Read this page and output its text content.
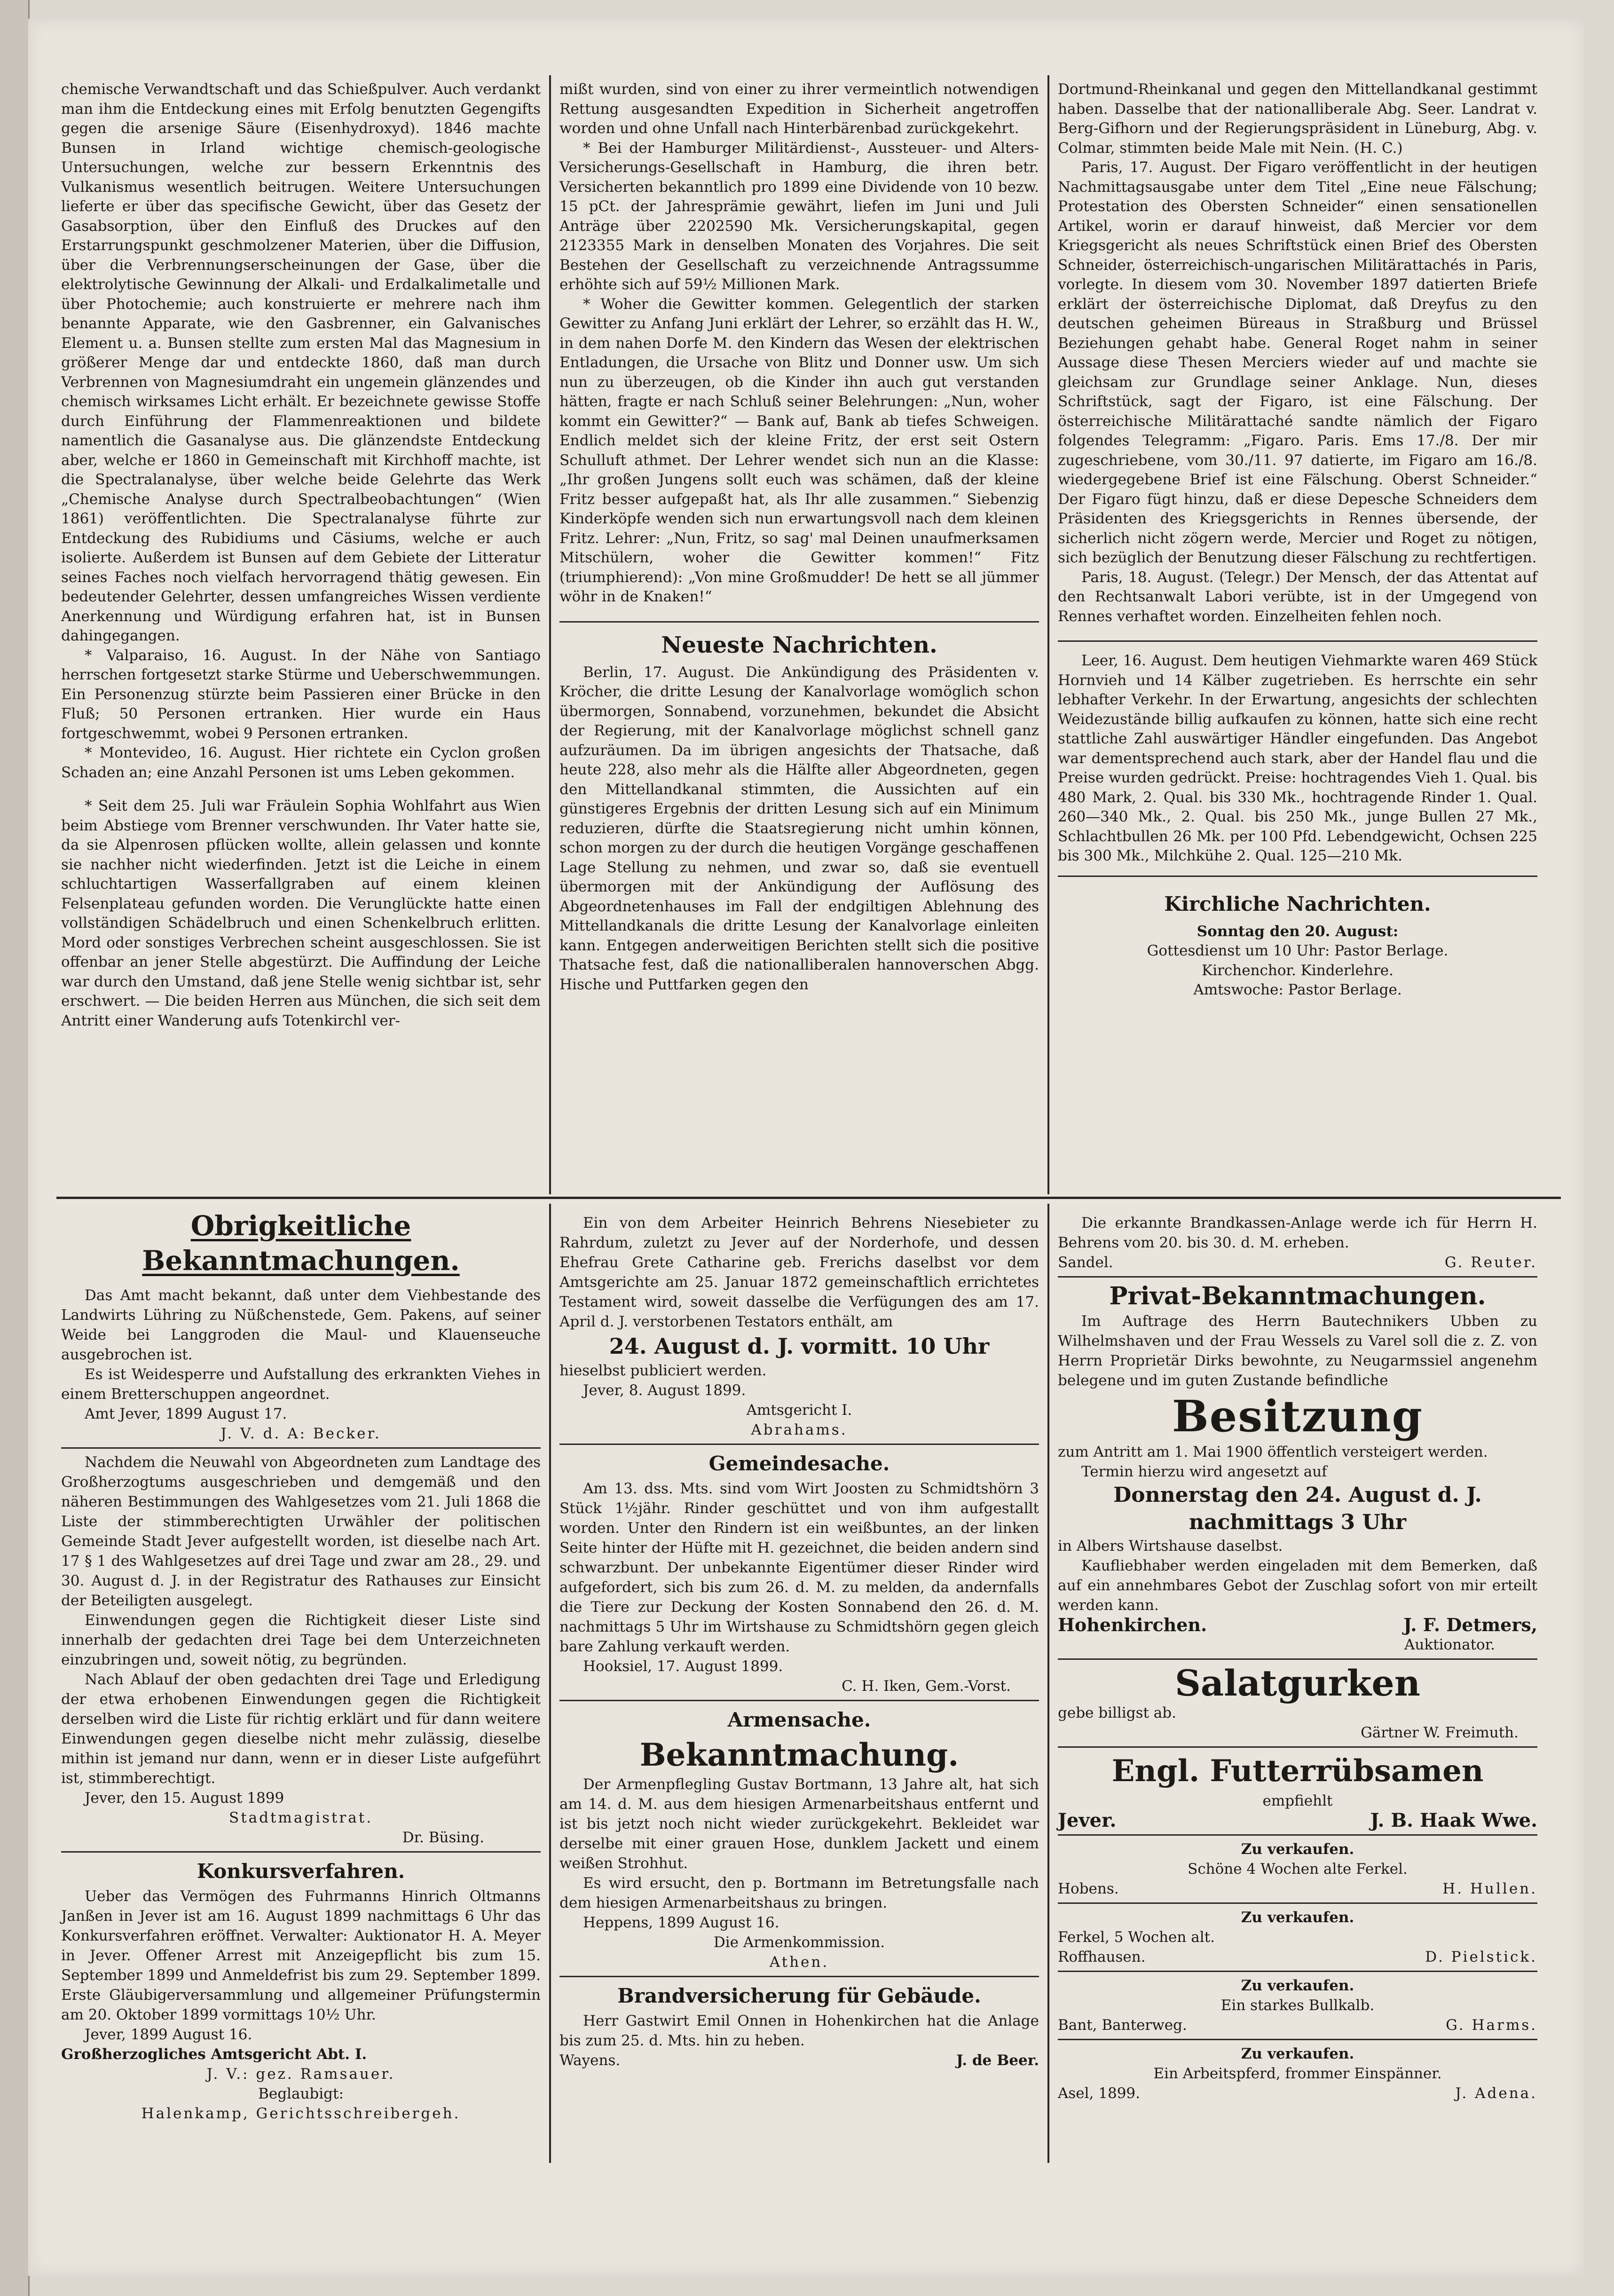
chemische Verwandtschaft und das Schießpulver. Auch verdankt man ihm die Entdeckung eines mit Erfolg benutzten Gegengifts gegen die arsenige Säure (Eisenhydroxyd). 1846 machte Bunsen in Irland wichtige chemisch-geologische Untersuchungen, welche zur bessern Erkenntnis des Vulkanismus wesentlich beitrugen. Weitere Untersuchungen lieferte er über das specifische Gewicht, über das Gesetz der Gasabsorption, über den Einfluß des Druckes auf den Erstarrungspunkt geschmolzener Materien, über die Diffusion, über die Verbrennungserscheinungen der Gase, über die elektrolytische Gewinnung der Alkali- und Erdalkalimetalle und über Photochemie; auch konstruierte er mehrere nach ihm benannte Apparate, wie den Gasbrenner, ein Galvanisches Element u. a. Bunsen stellte zum ersten Mal das Magnesium in größerer Menge dar und entdeckte 1860, daß man durch Verbrennen von Magnesiumdraht ein ungemein glänzendes und chemisch wirksames Licht erhält. Er bezeichnete gewisse Stoffe durch Einführung der Flammenreaktionen und bildete namentlich die Gasanalyse aus. Die glänzendste Entdeckung aber, welche er 1860 in Gemeinschaft mit Kirchhoff machte, ist die Spectralanalyse, über welche beide Gelehrte das Werk „Chemische Analyse durch Spectralbeobachtungen“ (Wien 1861) veröffentlichten. Die Spectralanalyse führte zur Entdeckung des Rubidiums und Cäsiums, welche er auch isolierte. Außerdem ist Bunsen auf dem Gebiete der Litteratur seines Faches noch vielfach hervorragend thätig gewesen. Ein bedeutender Gelehrter, dessen umfangreiches Wissen verdiente Anerkennung und Würdigung erfahren hat, ist in Bunsen dahingegangen.

* Valparaiso, 16. August. In der Nähe von Santiago herrschen fortgesetzt starke Stürme und Ueberschwemmungen. Ein Personenzug stürzte beim Passieren einer Brücke in den Fluß; 50 Personen ertranken. Hier wurde ein Haus fortgeschwemmt, wobei 9 Personen ertranken.

* Montevideo, 16. August. Hier richtete ein Cyclon großen Schaden an; eine Anzahl Personen ist ums Leben gekommen.

* Seit dem 25. Juli war Fräulein Sophia Wohlfahrt aus Wien beim Abstiege vom Brenner verschwunden. Ihr Vater hatte sie, da sie Alpenrosen pflücken wollte, allein gelassen und konnte sie nachher nicht wiederfinden. Jetzt ist die Leiche in einem schluchtartigen Wasserfallgraben auf einem kleinen Felsenplateau gefunden worden. Die Verunglückte hatte einen vollständigen Schädelbruch und einen Schenkelbruch erlitten. Mord oder sonstiges Verbrechen scheint ausgeschlossen. Sie ist offenbar an jener Stelle abgestürzt. Die Auffindung der Leiche war durch den Umstand, daß jene Stelle wenig sichtbar ist, sehr erschwert. — Die beiden Herren aus München, die sich seit dem Antritt einer Wanderung aufs Totenkirchl ver-

mißt wurden, sind von einer zu ihrer vermeintlich notwendigen Rettung ausgesandten Expedition in Sicherheit angetroffen worden und ohne Unfall nach Hinterbärenbad zurückgekehrt.

* Bei der Hamburger Militärdienst-, Aussteuer- und Alters-Versicherungs-Gesellschaft in Hamburg, die ihren betr. Versicherten bekanntlich pro 1899 eine Dividende von 10 bezw. 15 pCt. der Jahresprämie gewährt, liefen im Juni und Juli Anträge über 2202590 Mk. Versicherungskapital, gegen 2123355 Mark in denselben Monaten des Vorjahres. Die seit Bestehen der Gesellschaft zu verzeichnende Antragssumme erhöhte sich auf 59½ Millionen Mark.

* Woher die Gewitter kommen. Gelegentlich der starken Gewitter zu Anfang Juni erklärt der Lehrer, so erzählt das H. W., in dem nahen Dorfe M. den Kindern das Wesen der elektrischen Entladungen, die Ursache von Blitz und Donner usw. Um sich nun zu überzeugen, ob die Kinder ihn auch gut verstanden hätten, fragte er nach Schluß seiner Belehrungen: „Nun, woher kommt ein Gewitter?“ — Bank auf, Bank ab tiefes Schweigen. Endlich meldet sich der kleine Fritz, der erst seit Ostern Schulluft athmet. Der Lehrer wendet sich nun an die Klasse: „Ihr großen Jungens sollt euch was schämen, daß der kleine Fritz besser aufgepaßt hat, als Ihr alle zusammen.“ Siebenzig Kinderköpfe wenden sich nun erwartungsvoll nach dem kleinen Fritz. Lehrer: „Nun, Fritz, so sag' mal Deinen unaufmerksamen Mitschülern, woher die Gewitter kommen!“ Fitz (triumphierend): „Von mine Großmudder! De hett se all jümmer wöhr in de Knaken!“

Neueste Nachrichten.

Berlin, 17. August. Die Ankündigung des Präsidenten v. Kröcher, die dritte Lesung der Kanalvorlage womöglich schon übermorgen, Sonnabend, vorzunehmen, bekundet die Absicht der Regierung, mit der Kanalvorlage möglichst schnell ganz aufzuräumen. Da im übrigen angesichts der Thatsache, daß heute 228, also mehr als die Hälfte aller Abgeordneten, gegen den Mittellandkanal stimmten, die Aussichten auf ein günstigeres Ergebnis der dritten Lesung sich auf ein Minimum reduzieren, dürfte die Staatsregierung nicht umhin können, schon morgen zu der durch die heutigen Vorgänge geschaffenen Lage Stellung zu nehmen, und zwar so, daß sie eventuell übermorgen mit der Ankündigung der Auflösung des Abgeordnetenhauses im Fall der endgiltigen Ablehnung des Mittellandkanals die dritte Lesung der Kanalvorlage einleiten kann. Entgegen anderweitigen Berichten stellt sich die positive Thatsache fest, daß die nationalliberalen hannoverschen Abgg. Hische und Puttfarken gegen den

Dortmund-Rheinkanal und gegen den Mittellandkanal gestimmt haben. Dasselbe that der nationalliberale Abg. Seer. Landrat v. Berg-Gifhorn und der Regierungspräsident in Lüneburg, Abg. v. Colmar, stimmten beide Male mit Nein. (H. C.)

Paris, 17. August. Der Figaro veröffentlicht in der heutigen Nachmittagsausgabe unter dem Titel „Eine neue Fälschung; Protestation des Obersten Schneider“ einen sensationellen Artikel, worin er darauf hinweist, daß Mercier vor dem Kriegsgericht als neues Schriftstück einen Brief des Obersten Schneider, österreichisch-ungarischen Militärattachés in Paris, vorlegte. In diesem vom 30. November 1897 datierten Briefe erklärt der österreichische Diplomat, daß Dreyfus zu den deutschen geheimen Büreaus in Straßburg und Brüssel Beziehungen gehabt habe. General Roget nahm in seiner Aussage diese Thesen Merciers wieder auf und machte sie gleichsam zur Grundlage seiner Anklage. Nun, dieses Schriftstück, sagt der Figaro, ist eine Fälschung. Der österreichische Militärattaché sandte nämlich der Figaro folgendes Telegramm: „Figaro. Paris. Ems 17./8. Der mir zugeschriebene, vom 30./11. 97 datierte, im Figaro am 16./8. wiedergegebene Brief ist eine Fälschung. Oberst Schneider.“ Der Figaro fügt hinzu, daß er diese Depesche Schneiders dem Präsidenten des Kriegsgerichts in Rennes übersende, der sicherlich nicht zögern werde, Mercier und Roget zu nötigen, sich bezüglich der Benutzung dieser Fälschung zu rechtfertigen.

Paris, 18. August. (Telegr.) Der Mensch, der das Attentat auf den Rechtsanwalt Labori verübte, ist in der Umgegend von Rennes verhaftet worden. Einzelheiten fehlen noch.

Leer, 16. August. Dem heutigen Viehmarkte waren 469 Stück Hornvieh und 14 Kälber zugetrieben. Es herrschte ein sehr lebhafter Verkehr. In der Erwartung, angesichts der schlechten Weidezustände billig aufkaufen zu können, hatte sich eine recht stattliche Zahl auswärtiger Händler eingefunden. Das Angebot war dementsprechend auch stark, aber der Handel flau und die Preise wurden gedrückt. Preise: hochtragendes Vieh 1. Qual. bis 480 Mark, 2. Qual. bis 330 Mk., hochtragende Rinder 1. Qual. 260—340 Mk., 2. Qual. bis 250 Mk., junge Bullen 27 Mk., Schlachtbullen 26 Mk. per 100 Pfd. Lebendgewicht, Ochsen 225 bis 300 Mk., Milchkühe 2. Qual. 125—210 Mk.

Kirchliche Nachrichten.
Sonntag den 20. August:
Gottesdienst um 10 Uhr: Pastor Berlage.
Kirchenchor. Kinderlehre.
Amtswoche: Pastor Berlage.
Obrigkeitliche Bekanntmachungen.

Das Amt macht bekannt, daß unter dem Viehbestande des Landwirts Lühring zu Nüßchenstede, Gem. Pakens, auf seiner Weide bei Langgroden die Maul- und Klauenseuche ausgebrochen ist.

Es ist Weidesperre und Aufstallung des erkrankten Viehes in einem Bretterschuppen angeordnet.

Amt Jever, 1899 August 17.

J. V. d. A: Becker.

Nachdem die Neuwahl von Abgeordneten zum Landtage des Großherzogtums ausgeschrieben und demgemäß und den näheren Bestimmungen des Wahlgesetzes vom 21. Juli 1868 die Liste der stimmberechtigten Urwähler der politischen Gemeinde Stadt Jever aufgestellt worden, ist dieselbe nach Art. 17 § 1 des Wahlgesetzes auf drei Tage und zwar am 28., 29. und 30. August d. J. in der Registratur des Rathauses zur Einsicht der Beteiligten ausgelegt.

Einwendungen gegen die Richtigkeit dieser Liste sind innerhalb der gedachten drei Tage bei dem Unterzeichneten einzubringen und, soweit nötig, zu begründen.

Nach Ablauf der oben gedachten drei Tage und Erledigung der etwa erhobenen Einwendungen gegen die Richtigkeit derselben wird die Liste für richtig erklärt und für dann weitere Einwendungen gegen dieselbe nicht mehr zulässig, dieselbe mithin ist jemand nur dann, wenn er in dieser Liste aufgeführt ist, stimmberechtigt.

Jever, den 15. August 1899

Stadtmagistrat.
Dr. Büsing.
Konkursverfahren.

Ueber das Vermögen des Fuhrmanns Hinrich Oltmanns Janßen in Jever ist am 16. August 1899 nachmittags 6 Uhr das Konkursverfahren eröffnet. Verwalter: Auktionator H. A. Meyer in Jever. Offener Arrest mit Anzeigepflicht bis zum 15. September 1899 und Anmeldefrist bis zum 29. September 1899. Erste Gläubigerversammlung und allgemeiner Prüfungstermin am 20. Oktober 1899 vormittags 10½ Uhr.

Jever, 1899 August 16.

Großherzogliches Amtsgericht Abt. I.
J. V.: gez. Ramsauer.
Beglaubigt:
Halenkamp, Gerichtsschreibergeh.

Ein von dem Arbeiter Heinrich Behrens Niesebieter zu Rahrdum, zuletzt zu Jever auf der Norderhofe, und dessen Ehefrau Grete Catharine geb. Frerichs daselbst vor dem Amtsgerichte am 25. Januar 1872 gemeinschaftlich errichtetes Testament wird, soweit dasselbe die Verfügungen des am 17. April d. J. verstorbenen Testators enthält, am

24. August d. J. vormitt. 10 Uhr

hieselbst publiciert werden.

Jever, 8. August 1899.

Amtsgericht I.
Abrahams.
Gemeindesache.

Am 13. dss. Mts. sind vom Wirt Joosten zu Schmidtshörn 3 Stück 1½jähr. Rinder geschüttet und von ihm aufgestallt worden. Unter den Rindern ist ein weißbuntes, an der linken Seite hinter der Hüfte mit H. gezeichnet, die beiden andern sind schwarzbunt. Der unbekannte Eigentümer dieser Rinder wird aufgefordert, sich bis zum 26. d. M. zu melden, da andernfalls die Tiere zur Deckung der Kosten Sonnabend den 26. d. M. nachmittags 5 Uhr im Wirtshause zu Schmidtshörn gegen gleich bare Zahlung verkauft werden.

Hooksiel, 17. August 1899.

C. H. Iken, Gem.-Vorst.
Armensache.
Bekanntmachung.

Der Armenpflegling Gustav Bortmann, 13 Jahre alt, hat sich am 14. d. M. aus dem hiesigen Armenarbeitshaus entfernt und ist bis jetzt noch nicht wieder zurückgekehrt. Bekleidet war derselbe mit einer grauen Hose, dunklem Jackett und einem weißen Strohhut.

Es wird ersucht, den p. Bortmann im Betretungsfalle nach dem hiesigen Armenarbeitshaus zu bringen.

Heppens, 1899 August 16.

Die Armenkommission.
Athen.
Brandversicherung für Gebäude.

Herr Gastwirt Emil Onnen in Hohenkirchen hat die Anlage bis zum 25. d. Mts. hin zu heben.

Wayens.	J. de Beer.

Die erkannte Brandkassen-Anlage werde ich für Herrn H. Behrens vom 20. bis 30. d. M. erheben.

Sandel.	G. Reuter.
Privat-Bekanntmachungen.

Im Auftrage des Herrn Bautechnikers Ubben zu Wilhelmshaven und der Frau Wessels zu Varel soll die z. Z. von Herrn Proprietär Dirks bewohnte, zu Neugarmssiel angenehm belegene und im guten Zustande befindliche

Besitzung

zum Antritt am 1. Mai 1900 öffentlich versteigert werden.

Termin hierzu wird angesetzt auf

Donnerstag den 24. August d. J.
nachmittags 3 Uhr

in Albers Wirtshause daselbst.

Kaufliebhaber werden eingeladen mit dem Bemerken, daß auf ein annehmbares Gebot der Zuschlag sofort von mir erteilt werden kann.

Hohenkirchen.	J. F. Detmers,
Auktionator.
Salatgurken
gebe billigst ab.
Gärtner W. Freimuth.
Engl. Futterrübsamen
empfiehlt
Jever.	J. B. Haak Wwe.
Zu verkaufen.
Schöne 4 Wochen alte Ferkel.
Hobens.	H. Hullen.
Zu verkaufen.
Ferkel, 5 Wochen alt.
Roffhausen.	D. Pielstick.
Zu verkaufen.
Ein starkes Bullkalb.
Bant, Banterweg.	G. Harms.
Zu verkaufen.
Ein Arbeitspferd, frommer Einspänner.
Asel, 1899.	J. Adena.
